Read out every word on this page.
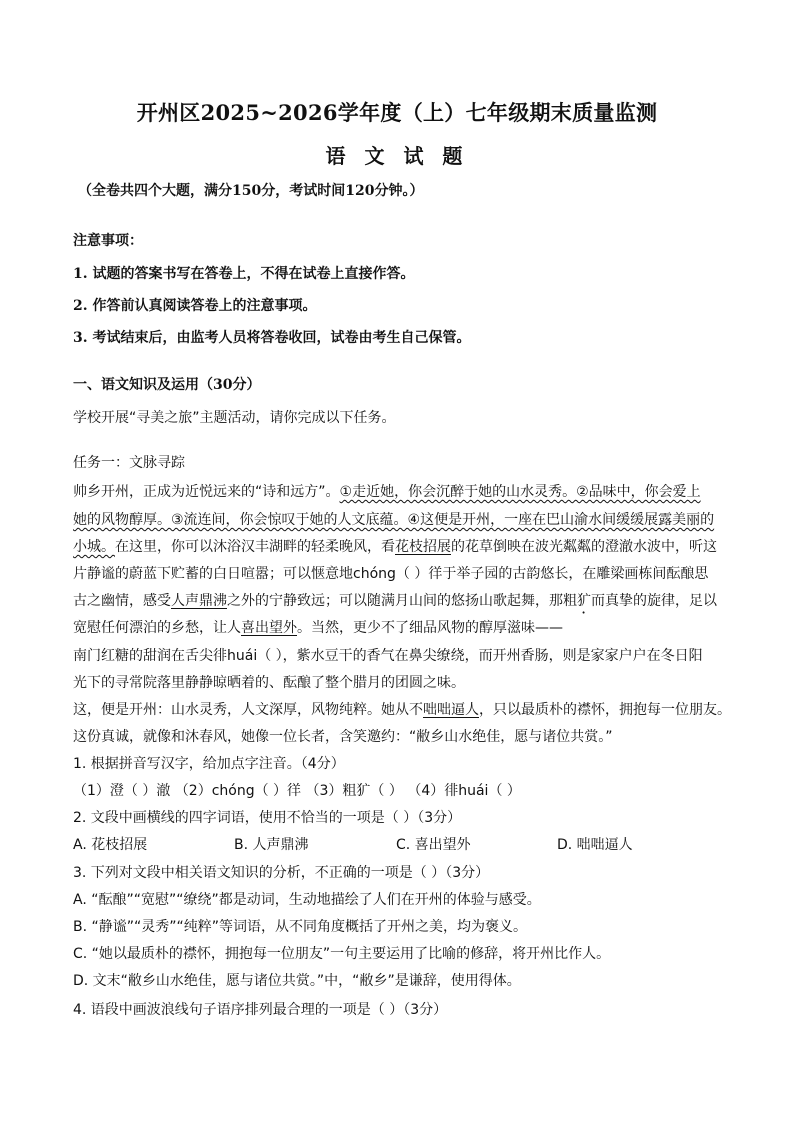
开州区2025~2026学年度（上）七年级期末质量监测
语 文 试 题
（全卷共四个大题，满分150分，考试时间120分钟。）
注意事项：
1. 试题的答案书写在答卷上，不得在试卷上直接作答。
2. 作答前认真阅读答卷上的注意事项。
3. 考试结束后，由监考人员将答卷收回，试卷由考生自己保管。
一、语文知识及运用（30分）
学校开展“寻美之旅”主题活动，请你完成以下任务。
任务一：文脉寻踪
帅乡开州，正成为近悦远来的“诗和远方”。①走近她，你会沉醉于她的山水灵秀。②品味中，你会爱上
她的风物醇厚。③流连间，你会惊叹于她的人文底蕴。④这便是开州，一座在巴山渝水间缓缓展露美丽的
小城。在这里，你可以沐浴汉丰湖畔的轻柔晚风，看花枝招展的花草倒映在波光粼粼的澄澈水波中，听这
片静谧的蔚蓝下贮蓄的白日喧嚣；可以惬意地chóng（ ）徉于举子园的古韵悠长，在雕梁画栋间酝酿思
古之幽情，感受人声鼎沸之外的宁静致远；可以随满月山间的悠扬山歌起舞，那粗犷而真挚的旋律，足以
宽慰任何漂泊的乡愁，让人喜出望外。当然，更少不了细品风物的醇厚滋味——
南门红糖的甜润在舌尖徘huái（ ），紫水豆干的香气在鼻尖缭绕，而开州香肠，则是家家户户在冬日阳
光下的寻常院落里静静晾晒着的、酝酿了整个腊月的团圆之味。
这，便是开州：山水灵秀，人文深厚，风物纯粹。她从不咄咄逼人，只以最质朴的襟怀，拥抱每一位朋友。
这份真诚，就像和沐春风，她像一位长者，含笑邀约：“敝乡山水绝佳，愿与诸位共赏。”
1. 根据拼音写汉字，给加点字注音。（4分）
（1）澄（ ）澈 （2）chóng（ ）徉 （3）粗犷（ ） （4）徘huái（ ）
2. 文段中画横线的四字词语，使用不恰当的一项是（ ）（3分）
A. 花枝招展	B. 人声鼎沸	C. 喜出望外	D. 咄咄逼人
3. 下列对文段中相关语文知识的分析，不正确的一项是（ ）（3分）
A. “酝酿”“宽慰”“缭绕”都是动词，生动地描绘了人们在开州的体验与感受。
B. “静谧”“灵秀”“纯粹”等词语，从不同角度概括了开州之美，均为褒义。
C. “她以最质朴的襟怀，拥抱每一位朋友”一句主要运用了比喻的修辞，将开州比作人。
D. 文末“敝乡山水绝佳，愿与诸位共赏。”中，“敝乡”是谦辞，使用得体。
4. 语段中画波浪线句子语序排列最合理的一项是（ ）（3分）
